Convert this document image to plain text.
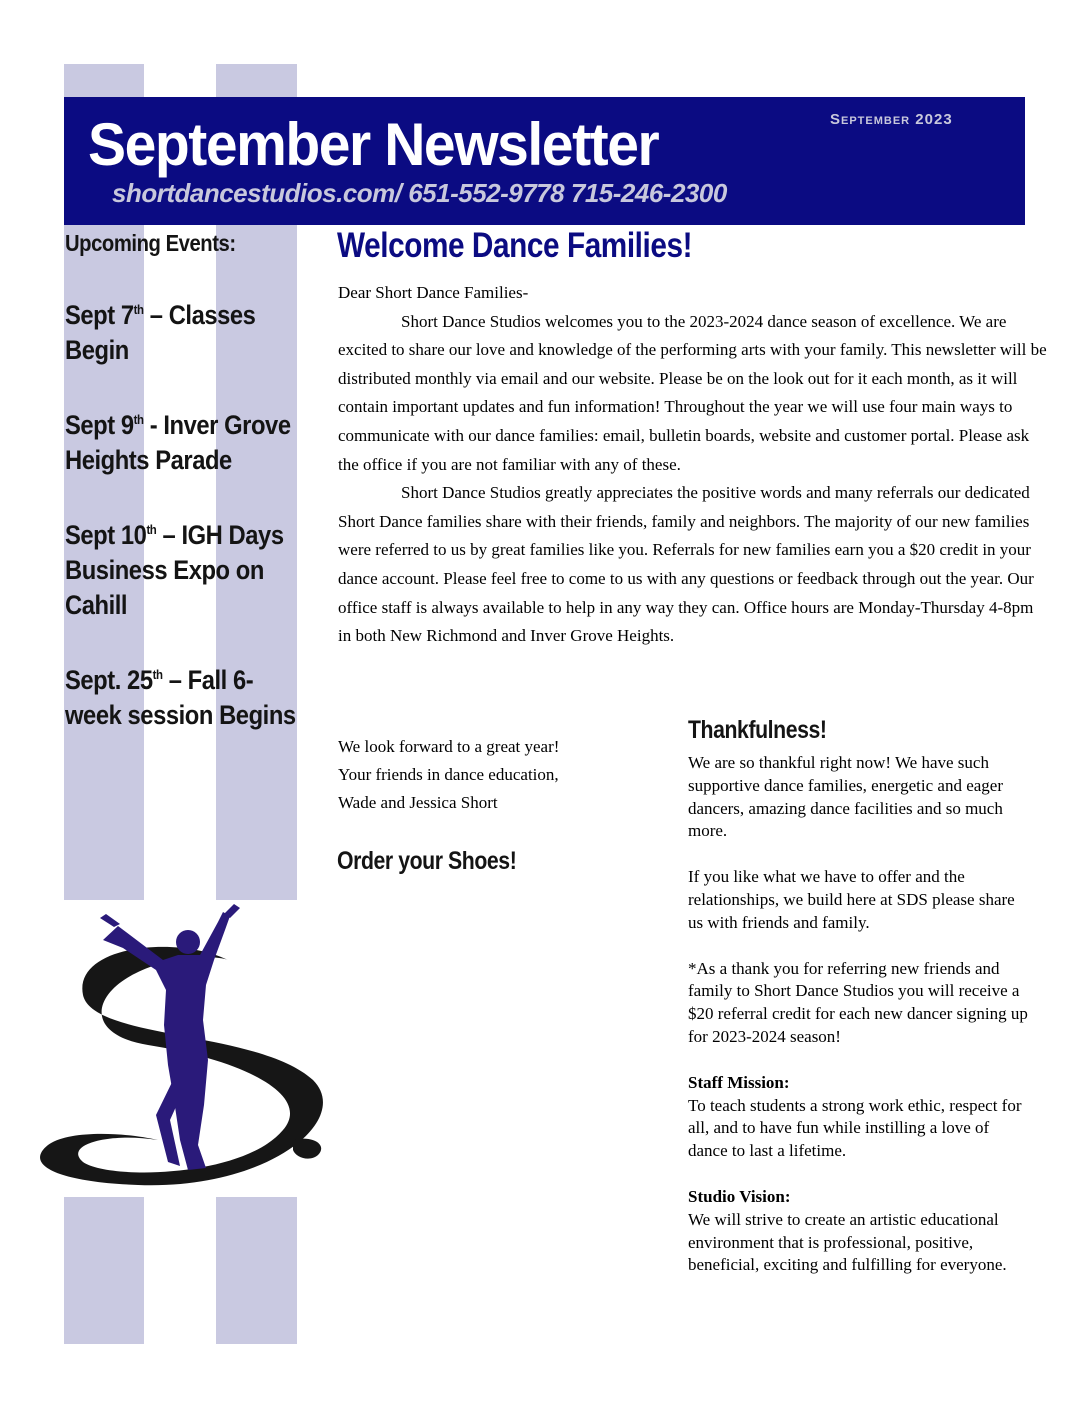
September Newsletter
shortdancestudios.com/ 651-552-9778 715-246-2300
September 2023
Upcoming Events:
Sept 7th – Classes Begin
Sept 9th - Inver Grove Heights Parade
Sept 10th – IGH Days Business Expo on Cahill
Sept. 25th – Fall 6-week session Begins
Welcome Dance Families!

Dear Short Dance Families-

Short Dance Studios welcomes you to the 2023-2024 dance season of excellence. We are excited to share our love and knowledge of the performing arts with your family. This newsletter will be distributed monthly via email and our website. Please be on the look out for it each month, as it will contain important updates and fun information! Throughout the year we will use four main ways to communicate with our dance families: email, bulletin boards, website and customer portal. Please ask the office if you are not familiar with any of these.

Short Dance Studios greatly appreciates the positive words and many referrals our dedicated Short Dance families share with their friends, family and neighbors. The majority of our new families were referred to us by great families like you. Referrals for new families earn you a $20 credit in your dance account. Please feel free to come to us with any questions or feedback through out the year. Our office staff is always available to help in any way they can. Office hours are Monday-Thursday 4-8pm in both New Richmond and Inver Grove Heights.

We look forward to a great year!

Your friends in dance education,

Wade and Jessica Short

Order your Shoes!
Thankfulness!

We are so thankful right now! We have such supportive dance families, energetic and eager dancers, amazing dance facilities and so much more.

If you like what we have to offer and the relationships, we build here at SDS please share us with friends and family.

*As a thank you for referring new friends and family to Short Dance Studios you will receive a $20 referral credit for each new dancer signing up for 2023-2024 season!

Staff Mission:
To teach students a strong work ethic, respect for all, and to have fun while instilling a love of dance to last a lifetime.

Studio Vision:
We will strive to create an artistic educational environment that is professional, positive, beneficial, exciting and fulfilling for everyone.
